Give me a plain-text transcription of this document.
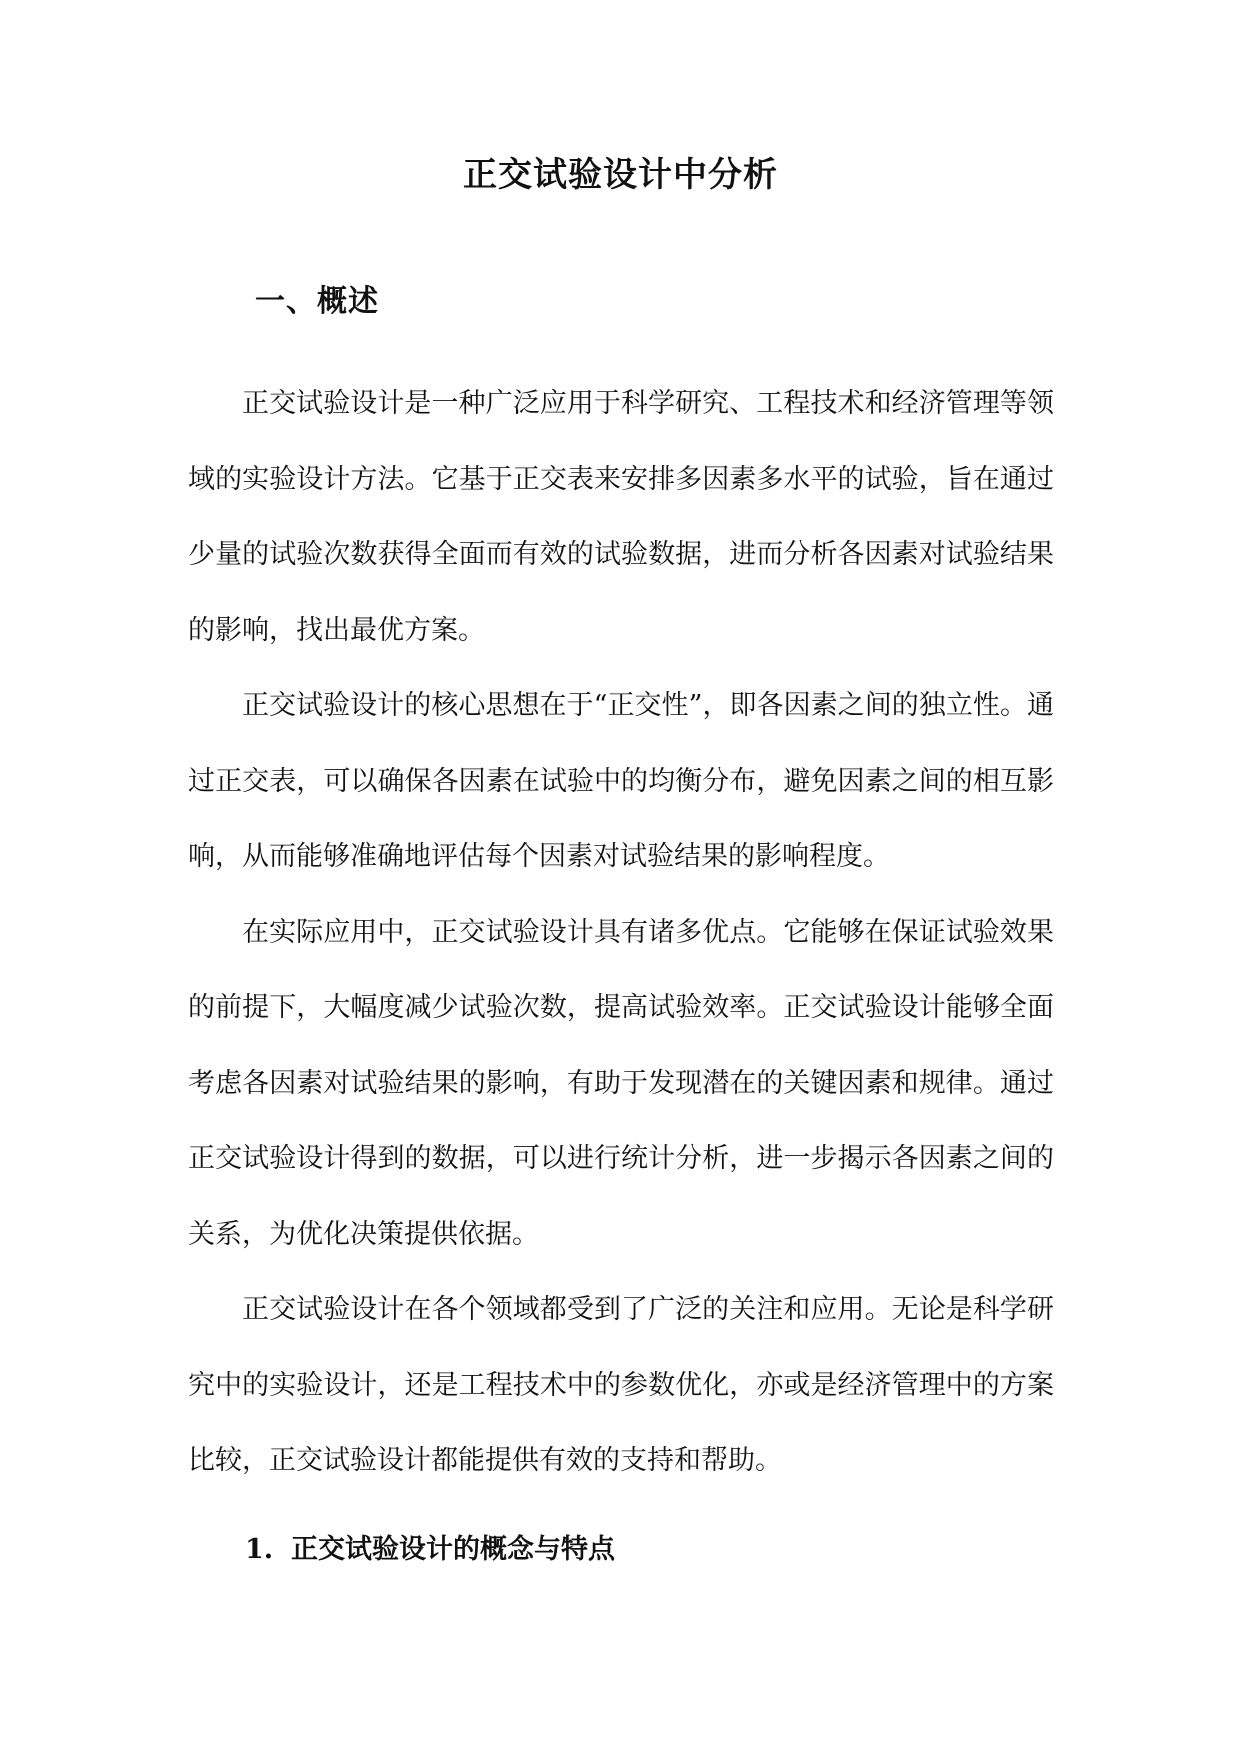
正交试验设计中分析
一、概述

正交试验设计是一种广泛应用于科学研究、工程技术和经济管理等领域的实验设计方法。它基于正交表来安排多因素多水平的试验，旨在通过少量的试验次数获得全面而有效的试验数据，进而分析各因素对试验结果的影响，找出最优方案。

正交试验设计的核心思想在于“正交性”，即各因素之间的独立性。通过正交表，可以确保各因素在试验中的均衡分布，避免因素之间的相互影响，从而能够准确地评估每个因素对试验结果的影响程度。

在实际应用中，正交试验设计具有诸多优点。它能够在保证试验效果的前提下，大幅度减少试验次数，提高试验效率。正交试验设计能够全面考虑各因素对试验结果的影响，有助于发现潜在的关键因素和规律。通过正交试验设计得到的数据，可以进行统计分析，进一步揭示各因素之间的关系，为优化决策提供依据。

正交试验设计在各个领域都受到了广泛的关注和应用。无论是科学研究中的实验设计，还是工程技术中的参数优化，亦或是经济管理中的方案比较，正交试验设计都能提供有效的支持和帮助。

1. 正交试验设计的概念与特点
